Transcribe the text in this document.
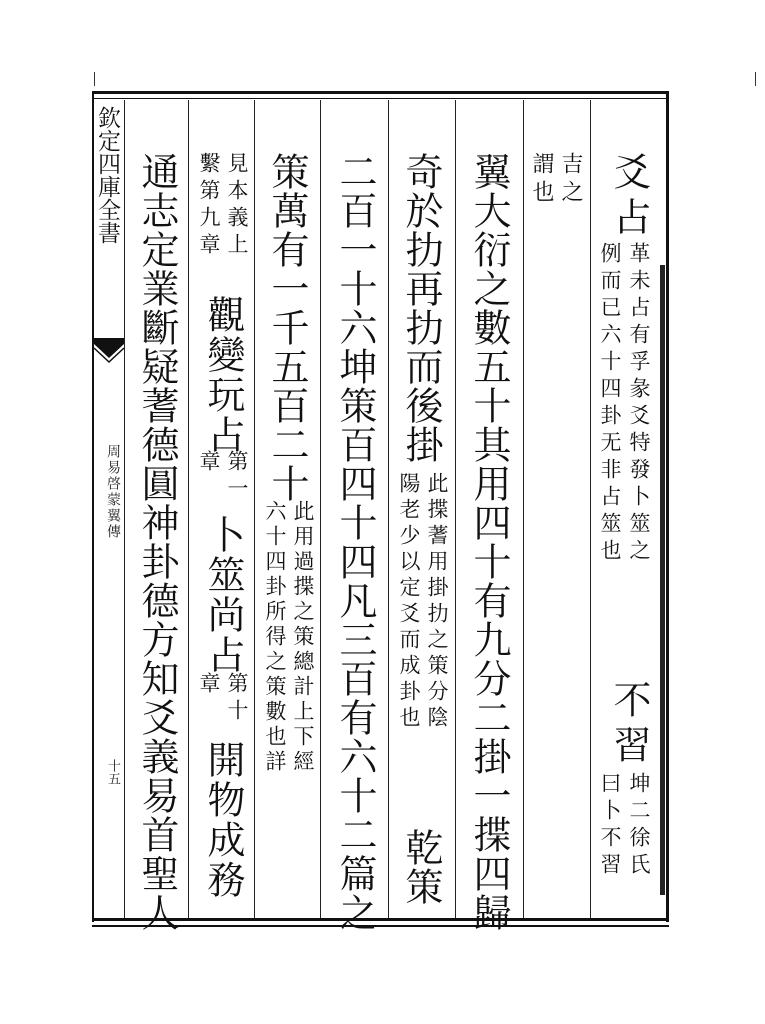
欽定四庫全書
周易啓蒙翼傳
十五
爻占
革未占有孚彖爻特發卜筮之
例而已六十四卦无非占筮也
不習
坤二徐氏
曰卜不習
吉之
謂也
翼大衍之數五十其用四十有九分二掛一揲四歸
奇於扐再扐而後掛
此揲蓍用掛扐之策分陰
陽老少以定爻而成卦也
乾策
二百一十六坤策百四十四凡三百有六十二篇之
策萬有一千五百二十
此用過揲之策總計上下經
六十四卦所得之策數也詳
見本義上
繫第九章
觀變玩占
第一
章
卜筮尚占
第十
章
開物成務
通志定業斷疑蓍德圓神卦德方知爻義易首聖人
